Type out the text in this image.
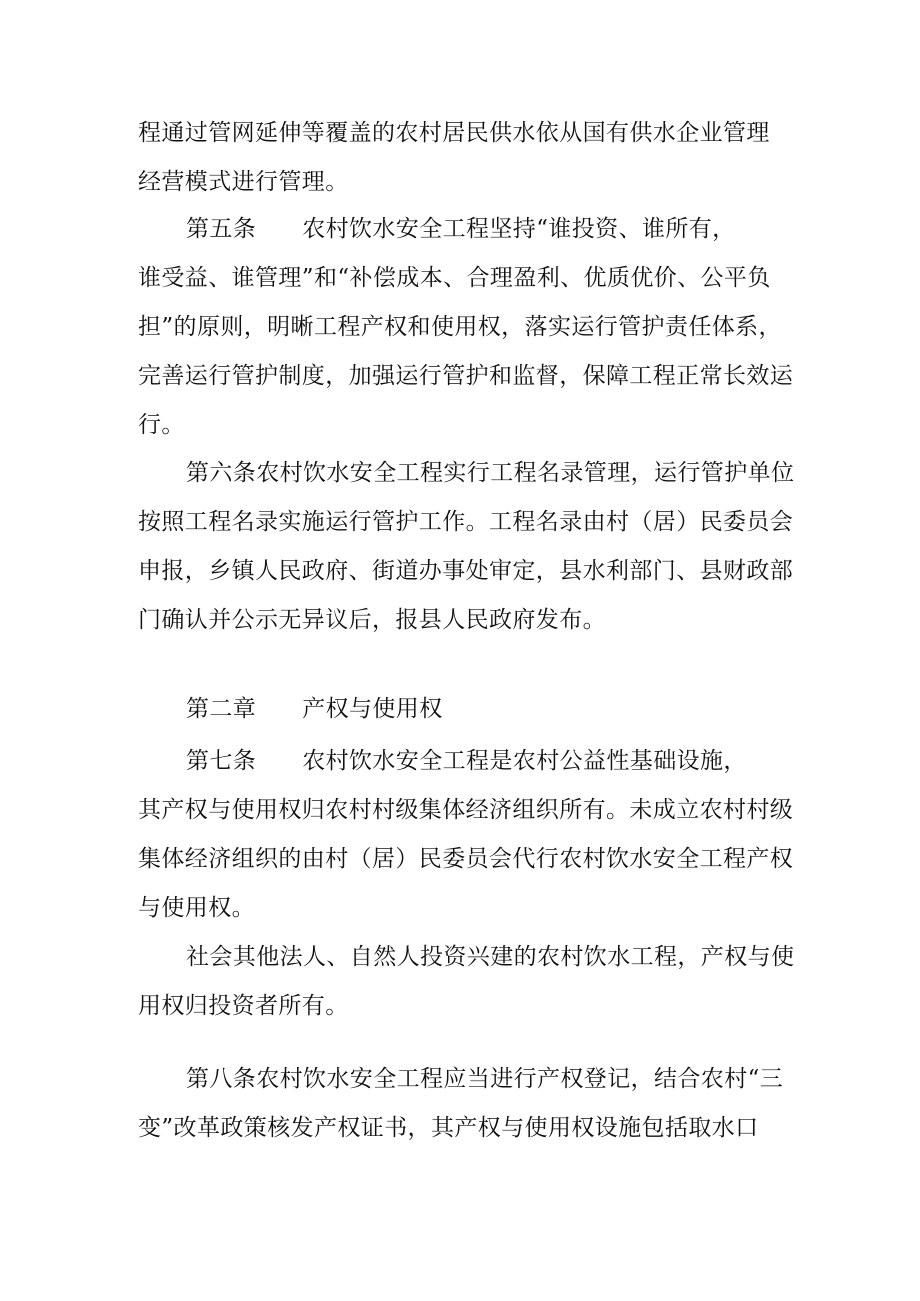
程通过管网延伸等覆盖的农村居民供水依从国有供水企业管理
经营模式进行管理。
第五条 农村饮水安全工程坚持“谁投资、谁所有，
谁受益、谁管理”和“补偿成本、合理盈利、优质优价、公平负
担”的原则，明晰工程产权和使用权，落实运行管护责任体系，
完善运行管护制度，加强运行管护和监督，保障工程正常长效运
行。
第六条农村饮水安全工程实行工程名录管理，运行管护单位
按照工程名录实施运行管护工作。工程名录由村（居）民委员会
申报，乡镇人民政府、街道办事处审定，县水利部门、县财政部
门确认并公示无异议后，报县人民政府发布。
第二章 产权与使用权
第七条 农村饮水安全工程是农村公益性基础设施，
其产权与使用权归农村村级集体经济组织所有。未成立农村村级
集体经济组织的由村（居）民委员会代行农村饮水安全工程产权
与使用权。
社会其他法人、自然人投资兴建的农村饮水工程，产权与使
用权归投资者所有。
第八条农村饮水安全工程应当进行产权登记，结合农村“三
变”改革政策核发产权证书，其产权与使用权设施包括取水口
